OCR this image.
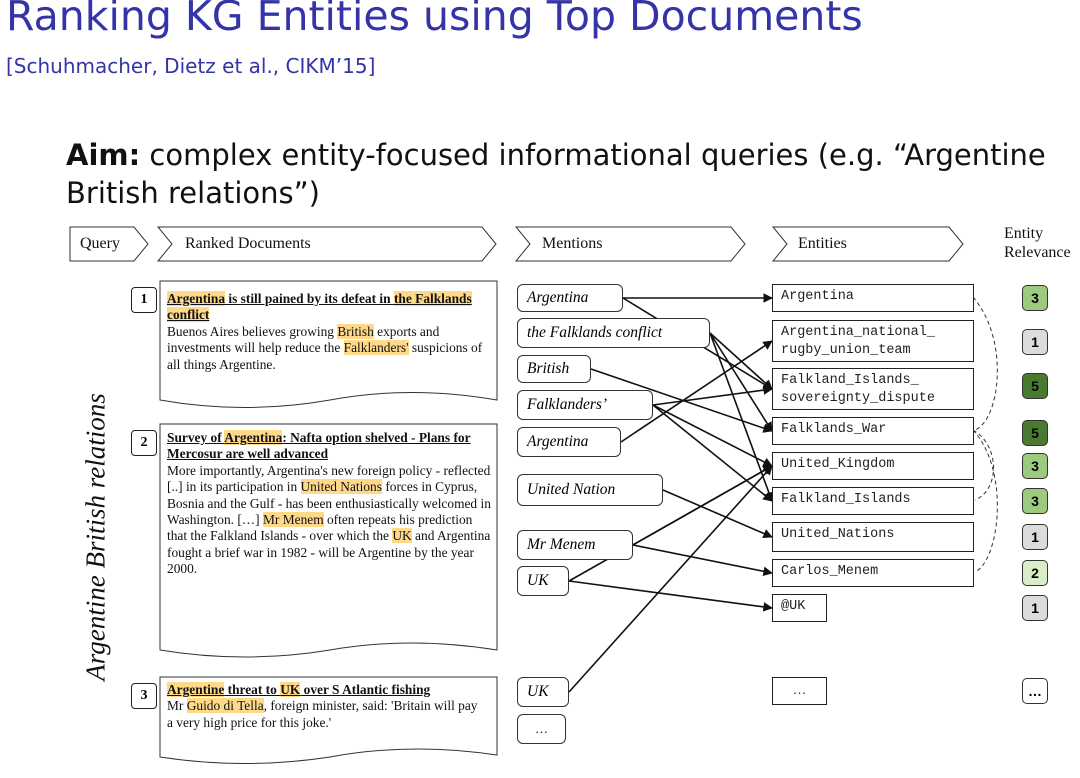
Ranking KG Entities using Top Documents
[Schuhmacher, Dietz et al., CIKM’15]
Aim: complex entity-focused informational queries (e.g. “Argentine British relations”)
Argentine British relations
Query	Ranked Documents	Mentions	Entities
Entity
Relevance
1	Argentina is still pained by its defeat in the Falklands conflict
Buenos Aires believes growing British exports and investments will help reduce the Falklanders' suspicions of all things Argentine.
2	Survey of Argentina: Nafta option shelved - Plans for Mercosur are well advanced
More importantly, Argentina's new foreign policy - reflected [..] in its participation in United Nations forces in Cyprus, Bosnia and the Gulf - has been enthusiastically welcomed in Washington. […] Mr Menem often repeats his prediction that the Falkland Islands - over which the UK and Argentina fought a brief war in 1982 - will be Argentine by the year 2000.
3	Argentine threat to UK over S Atlantic fishing
Mr Guido di Tella, foreign minister, said: 'Britain will pay a very high price for this joke.'
Argentina
the Falklands conflict
British
Falklanders’
Argentina
United Nation
Mr Menem
UK
UK
…
Argentina	3
Argentina_national_
rugby_union_team
1
Falkland_Islands_
sovereignty_dispute
5
Falklands_War	5
United_Kingdom	3
Falkland_Islands	3
United_Nations	1
Carlos_Menem	2
@UK	1
…	…
